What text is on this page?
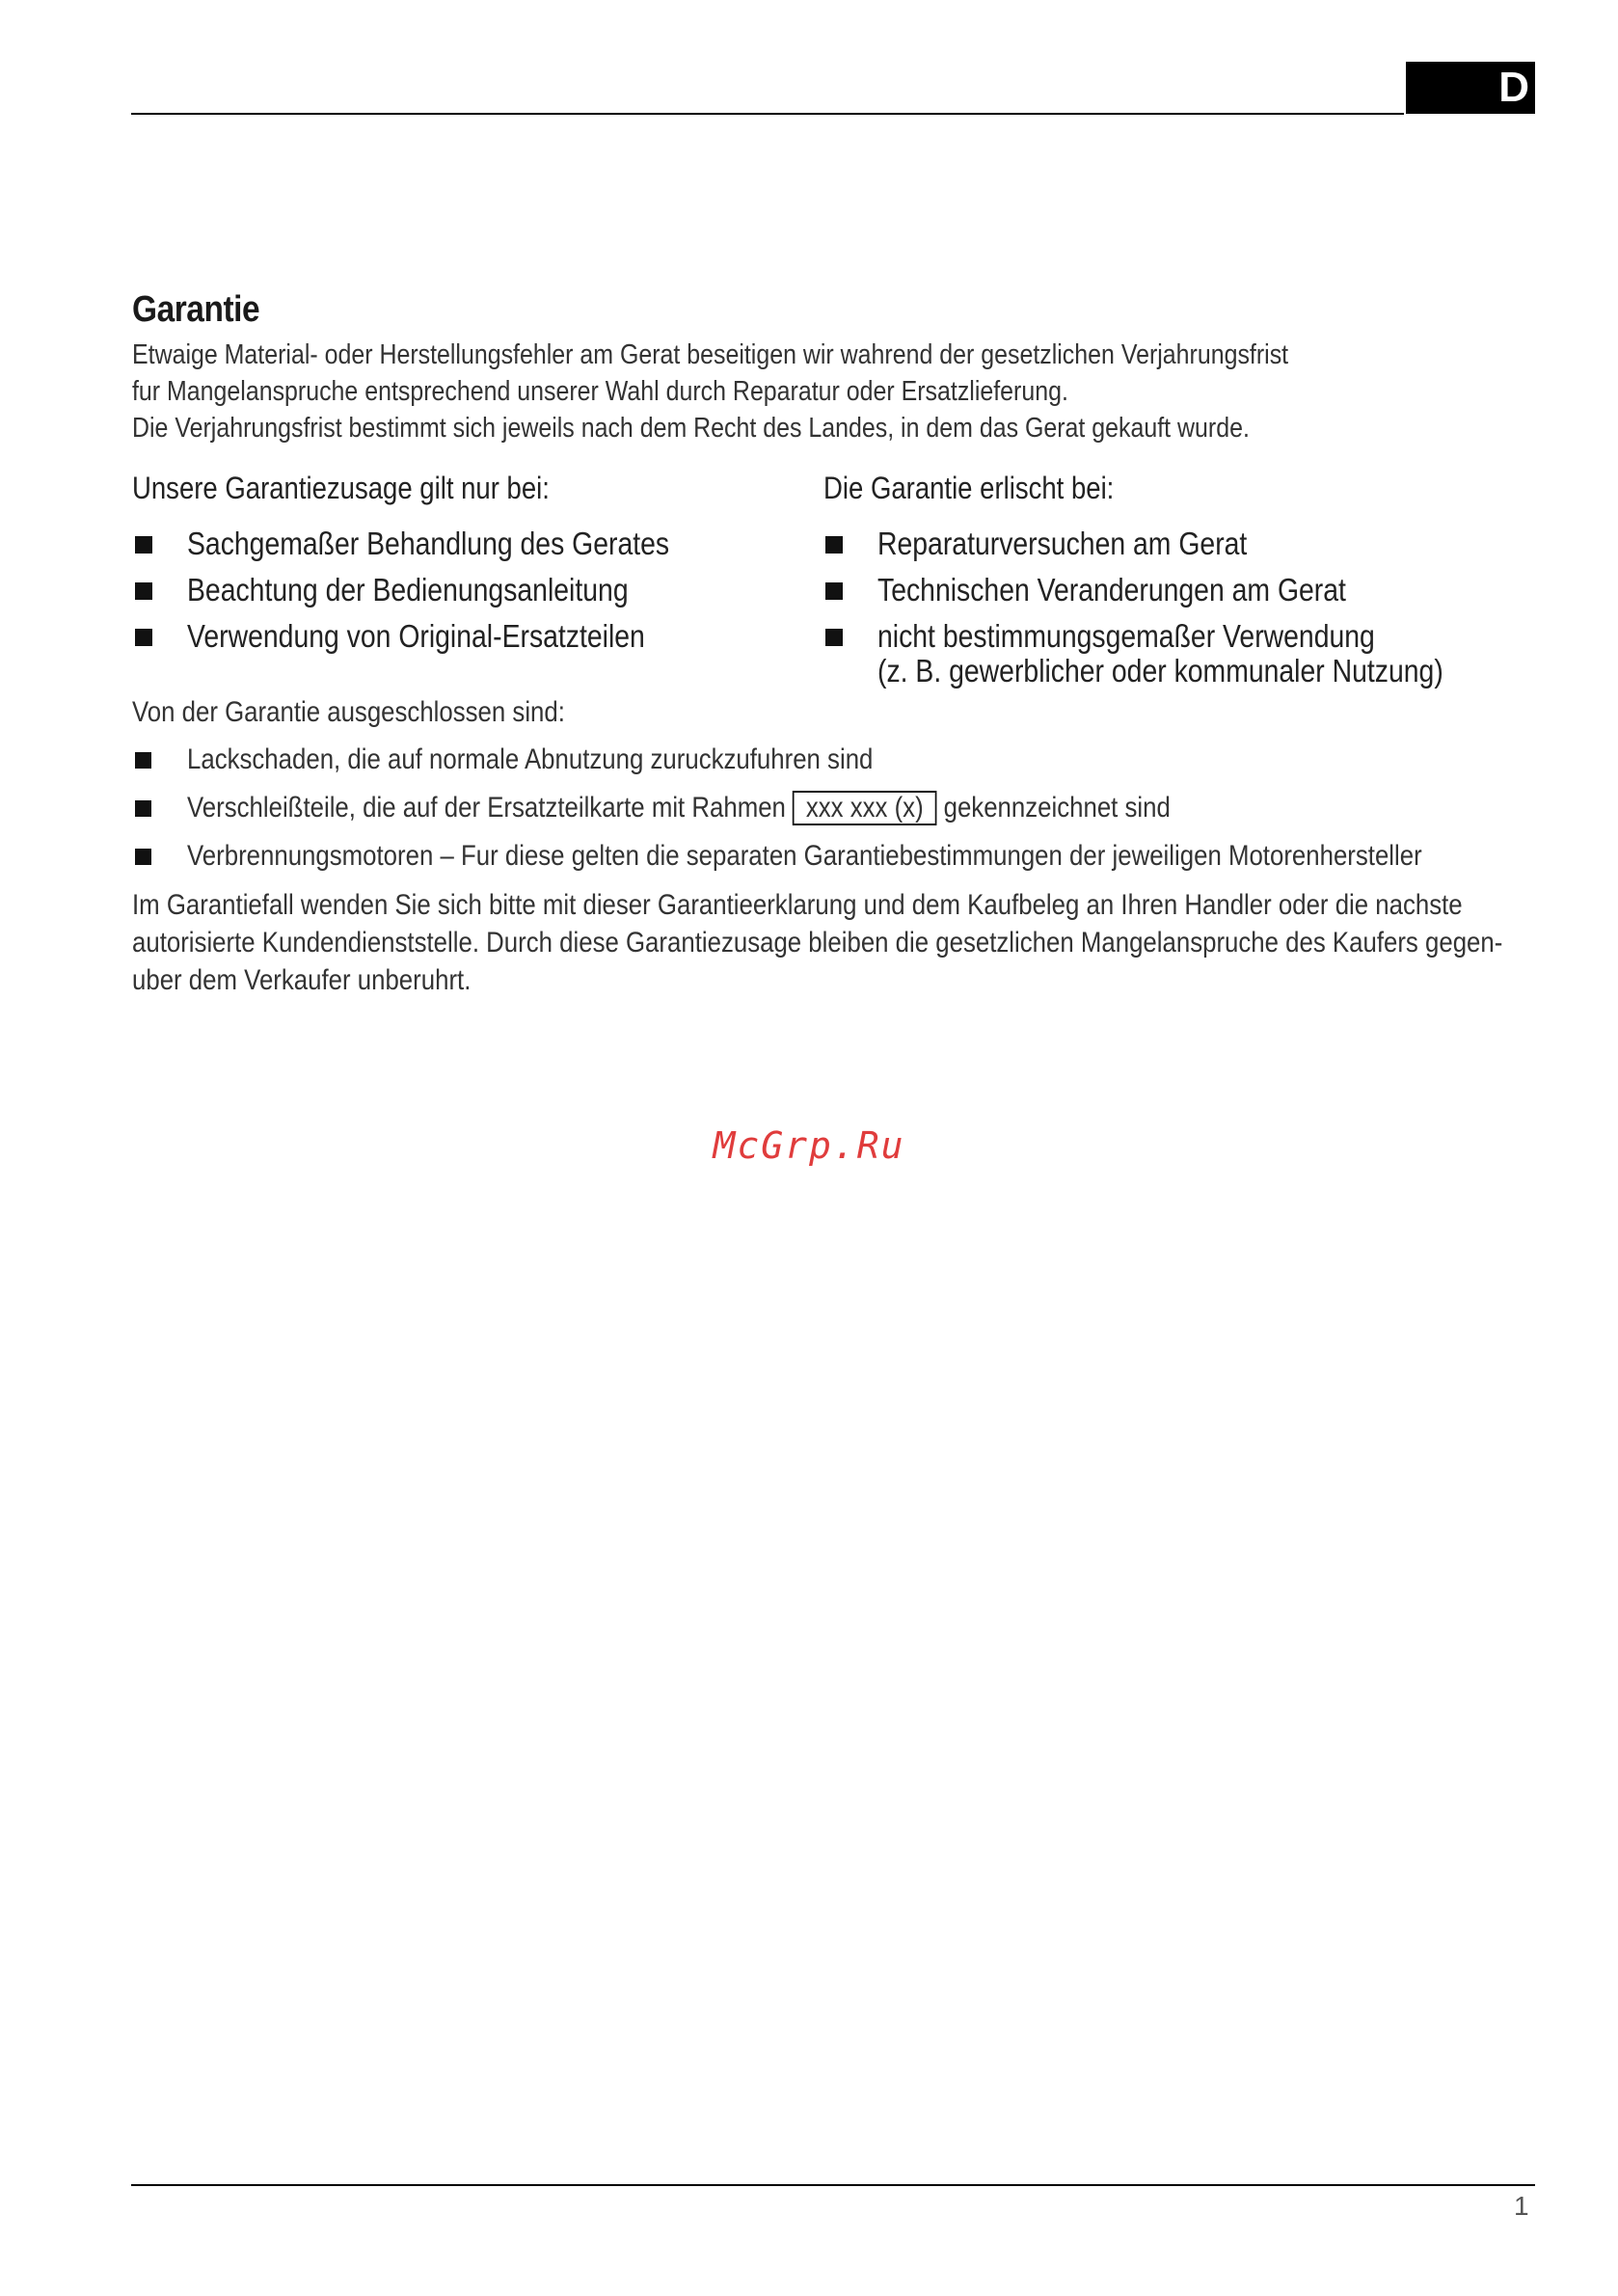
D
Garantie
Etwaige Material- oder Herstellungsfehler am Gerat beseitigen wir wahrend der gesetzlichen Verjahrungsfrist
fur Mangelanspruche entsprechend unserer Wahl durch Reparatur oder Ersatzlieferung.
Die Verjahrungsfrist bestimmt sich jeweils nach dem Recht des Landes, in dem das Gerat gekauft wurde.
Unsere Garantiezusage gilt nur bei:
Sachgemaßer Behandlung des Gerates
Beachtung der Bedienungsanleitung
Verwendung von Original-Ersatzteilen
Die Garantie erlischt bei:
Reparaturversuchen am Gerat
Technischen Veranderungen am Gerat
nicht bestimmungsgemaßer Verwendung
(z. B. gewerblicher oder kommunaler Nutzung)
Von der Garantie ausgeschlossen sind:
Lackschaden, die auf normale Abnutzung zuruckzufuhren sind
Verschleißteile, die auf der Ersatzteilkarte mit Rahmen xxx xxx (x) gekennzeichnet sind
Verbrennungsmotoren – Fur diese gelten die separaten Garantiebestimmungen der jeweiligen Motorenhersteller
Im Garantiefall wenden Sie sich bitte mit dieser Garantieerklarung und dem Kaufbeleg an Ihren Handler oder die nachste
autorisierte Kundendienststelle. Durch diese Garantiezusage bleiben die gesetzlichen Mangelanspruche des Kaufers gegen-
uber dem Verkaufer unberuhrt.
McGrp.Ru
1
